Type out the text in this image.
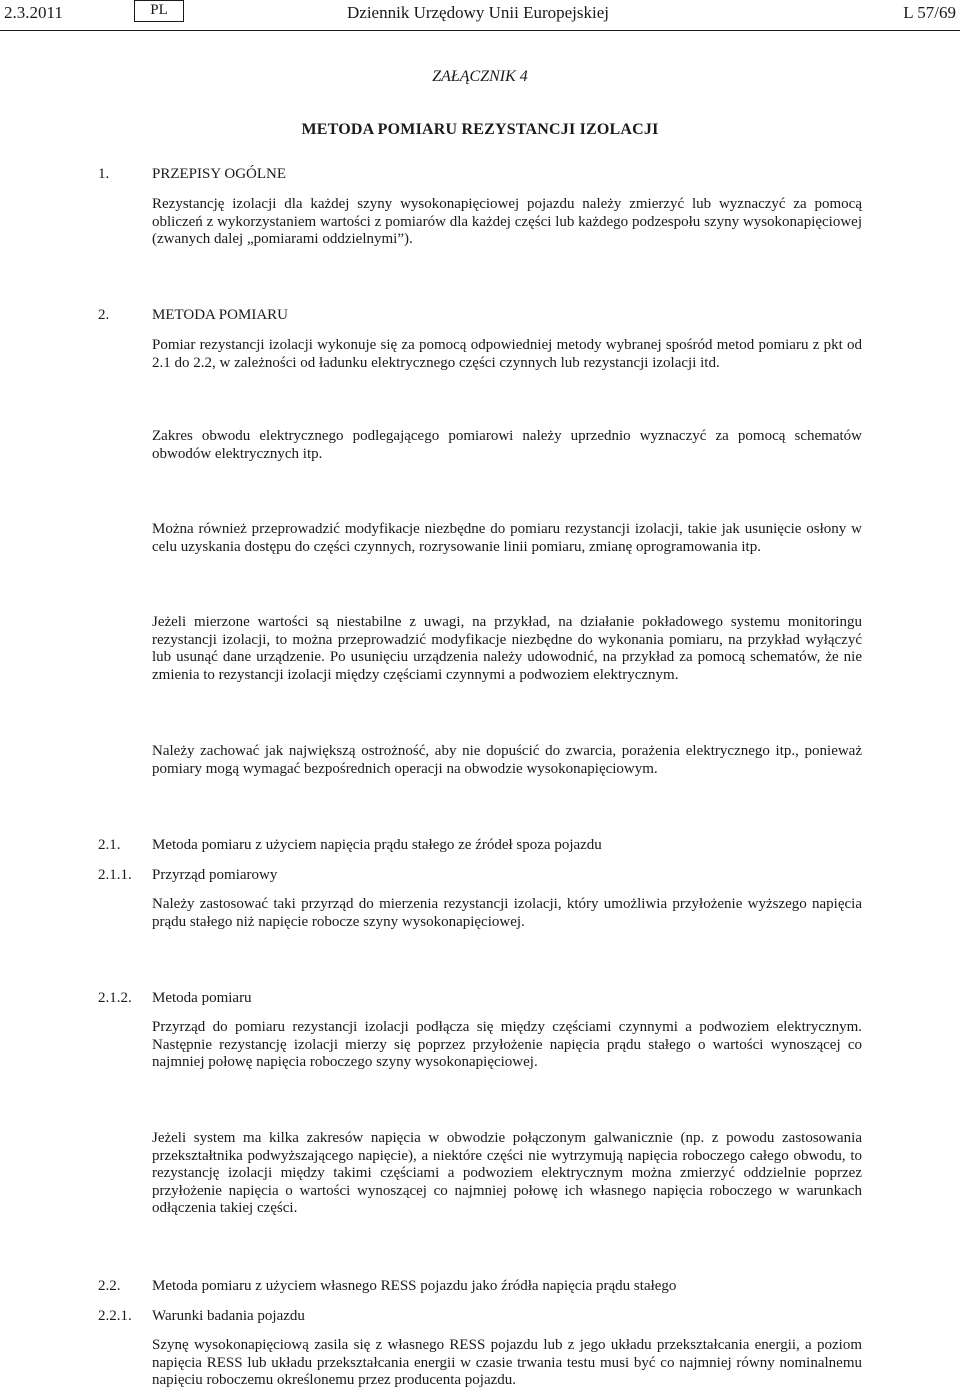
2.3.2011	PL	Dziennik Urzędowy Unii Europejskiej	L 57/69
ZAŁĄCZNIK 4
METODA POMIARU REZYSTANCJI IZOLACJI
1.	PRZEPISY OGÓLNE

Rezystancję izolacji dla każdej szyny wysokonapięciowej pojazdu należy zmierzyć lub wyznaczyć za pomocą obliczeń z wykorzystaniem wartości z pomiarów dla każdej części lub każdego podzespołu szyny wysokonapięciowej (zwanych dalej „pomiarami oddzielnymi”).

2.	METODA POMIARU

Pomiar rezystancji izolacji wykonuje się za pomocą odpowiedniej metody wybranej spośród metod pomiaru z pkt od 2.1 do 2.2, w zależności od ładunku elektrycznego części czynnych lub rezystancji izolacji itd.

Zakres obwodu elektrycznego podlegającego pomiarowi należy uprzednio wyznaczyć za pomocą schematów obwodów elektrycznych itp.

Można również przeprowadzić modyfikacje niezbędne do pomiaru rezystancji izolacji, takie jak usunięcie osłony w celu uzyskania dostępu do części czynnych, rozrysowanie linii pomiaru, zmianę oprogramowania itp.

Jeżeli mierzone wartości są niestabilne z uwagi, na przykład, na działanie pokładowego systemu monitoringu rezystancji izolacji, to można przeprowadzić modyfikacje niezbędne do wykonania pomiaru, na przykład wyłączyć lub usunąć dane urządzenie. Po usunięciu urządzenia należy udowodnić, na przykład za pomocą schematów, że nie zmienia to rezystancji izolacji między częściami czynnymi a podwoziem elektrycznym.

Należy zachować jak największą ostrożność, aby nie dopuścić do zwarcia, porażenia elektrycznego itp., ponieważ pomiary mogą wymagać bezpośrednich operacji na obwodzie wysokonapięciowym.

2.1. Metoda pomiaru z użyciem napięcia prądu stałego ze źródeł spoza pojazdu
2.1.1. Przyrząd pomiarowy

Należy zastosować taki przyrząd do mierzenia rezystancji izolacji, który umożliwia przyłożenie wyższego napięcia prądu stałego niż napięcie robocze szyny wysokonapięciowej.

2.1.2. Metoda pomiaru

Przyrząd do pomiaru rezystancji izolacji podłącza się między częściami czynnymi a podwoziem elektrycznym. Następnie rezystancję izolacji mierzy się poprzez przyłożenie napięcia prądu stałego o wartości wynoszącej co najmniej połowę napięcia roboczego szyny wysokonapięciowej.

Jeżeli system ma kilka zakresów napięcia w obwodzie połączonym galwanicznie (np. z powodu zastosowania przekształtnika podwyższającego napięcie), a niektóre części nie wytrzymują napięcia roboczego całego obwodu, to rezystancję izolacji między takimi częściami a podwoziem elektrycznym można zmierzyć oddzielnie poprzez przyłożenie napięcia o wartości wynoszącej co najmniej połowę ich własnego napięcia roboczego w warunkach odłączenia takiej części.

2.2. Metoda pomiaru z użyciem własnego RESS pojazdu jako źródła napięcia prądu stałego
2.2.1. Warunki badania pojazdu

Szynę wysokonapięciową zasila się z własnego RESS pojazdu lub z jego układu przekształcania energii, a poziom napięcia RESS lub układu przekształcania energii w czasie trwania testu musi być co najmniej równy nominalnemu napięciu roboczemu określonemu przez producenta pojazdu.
